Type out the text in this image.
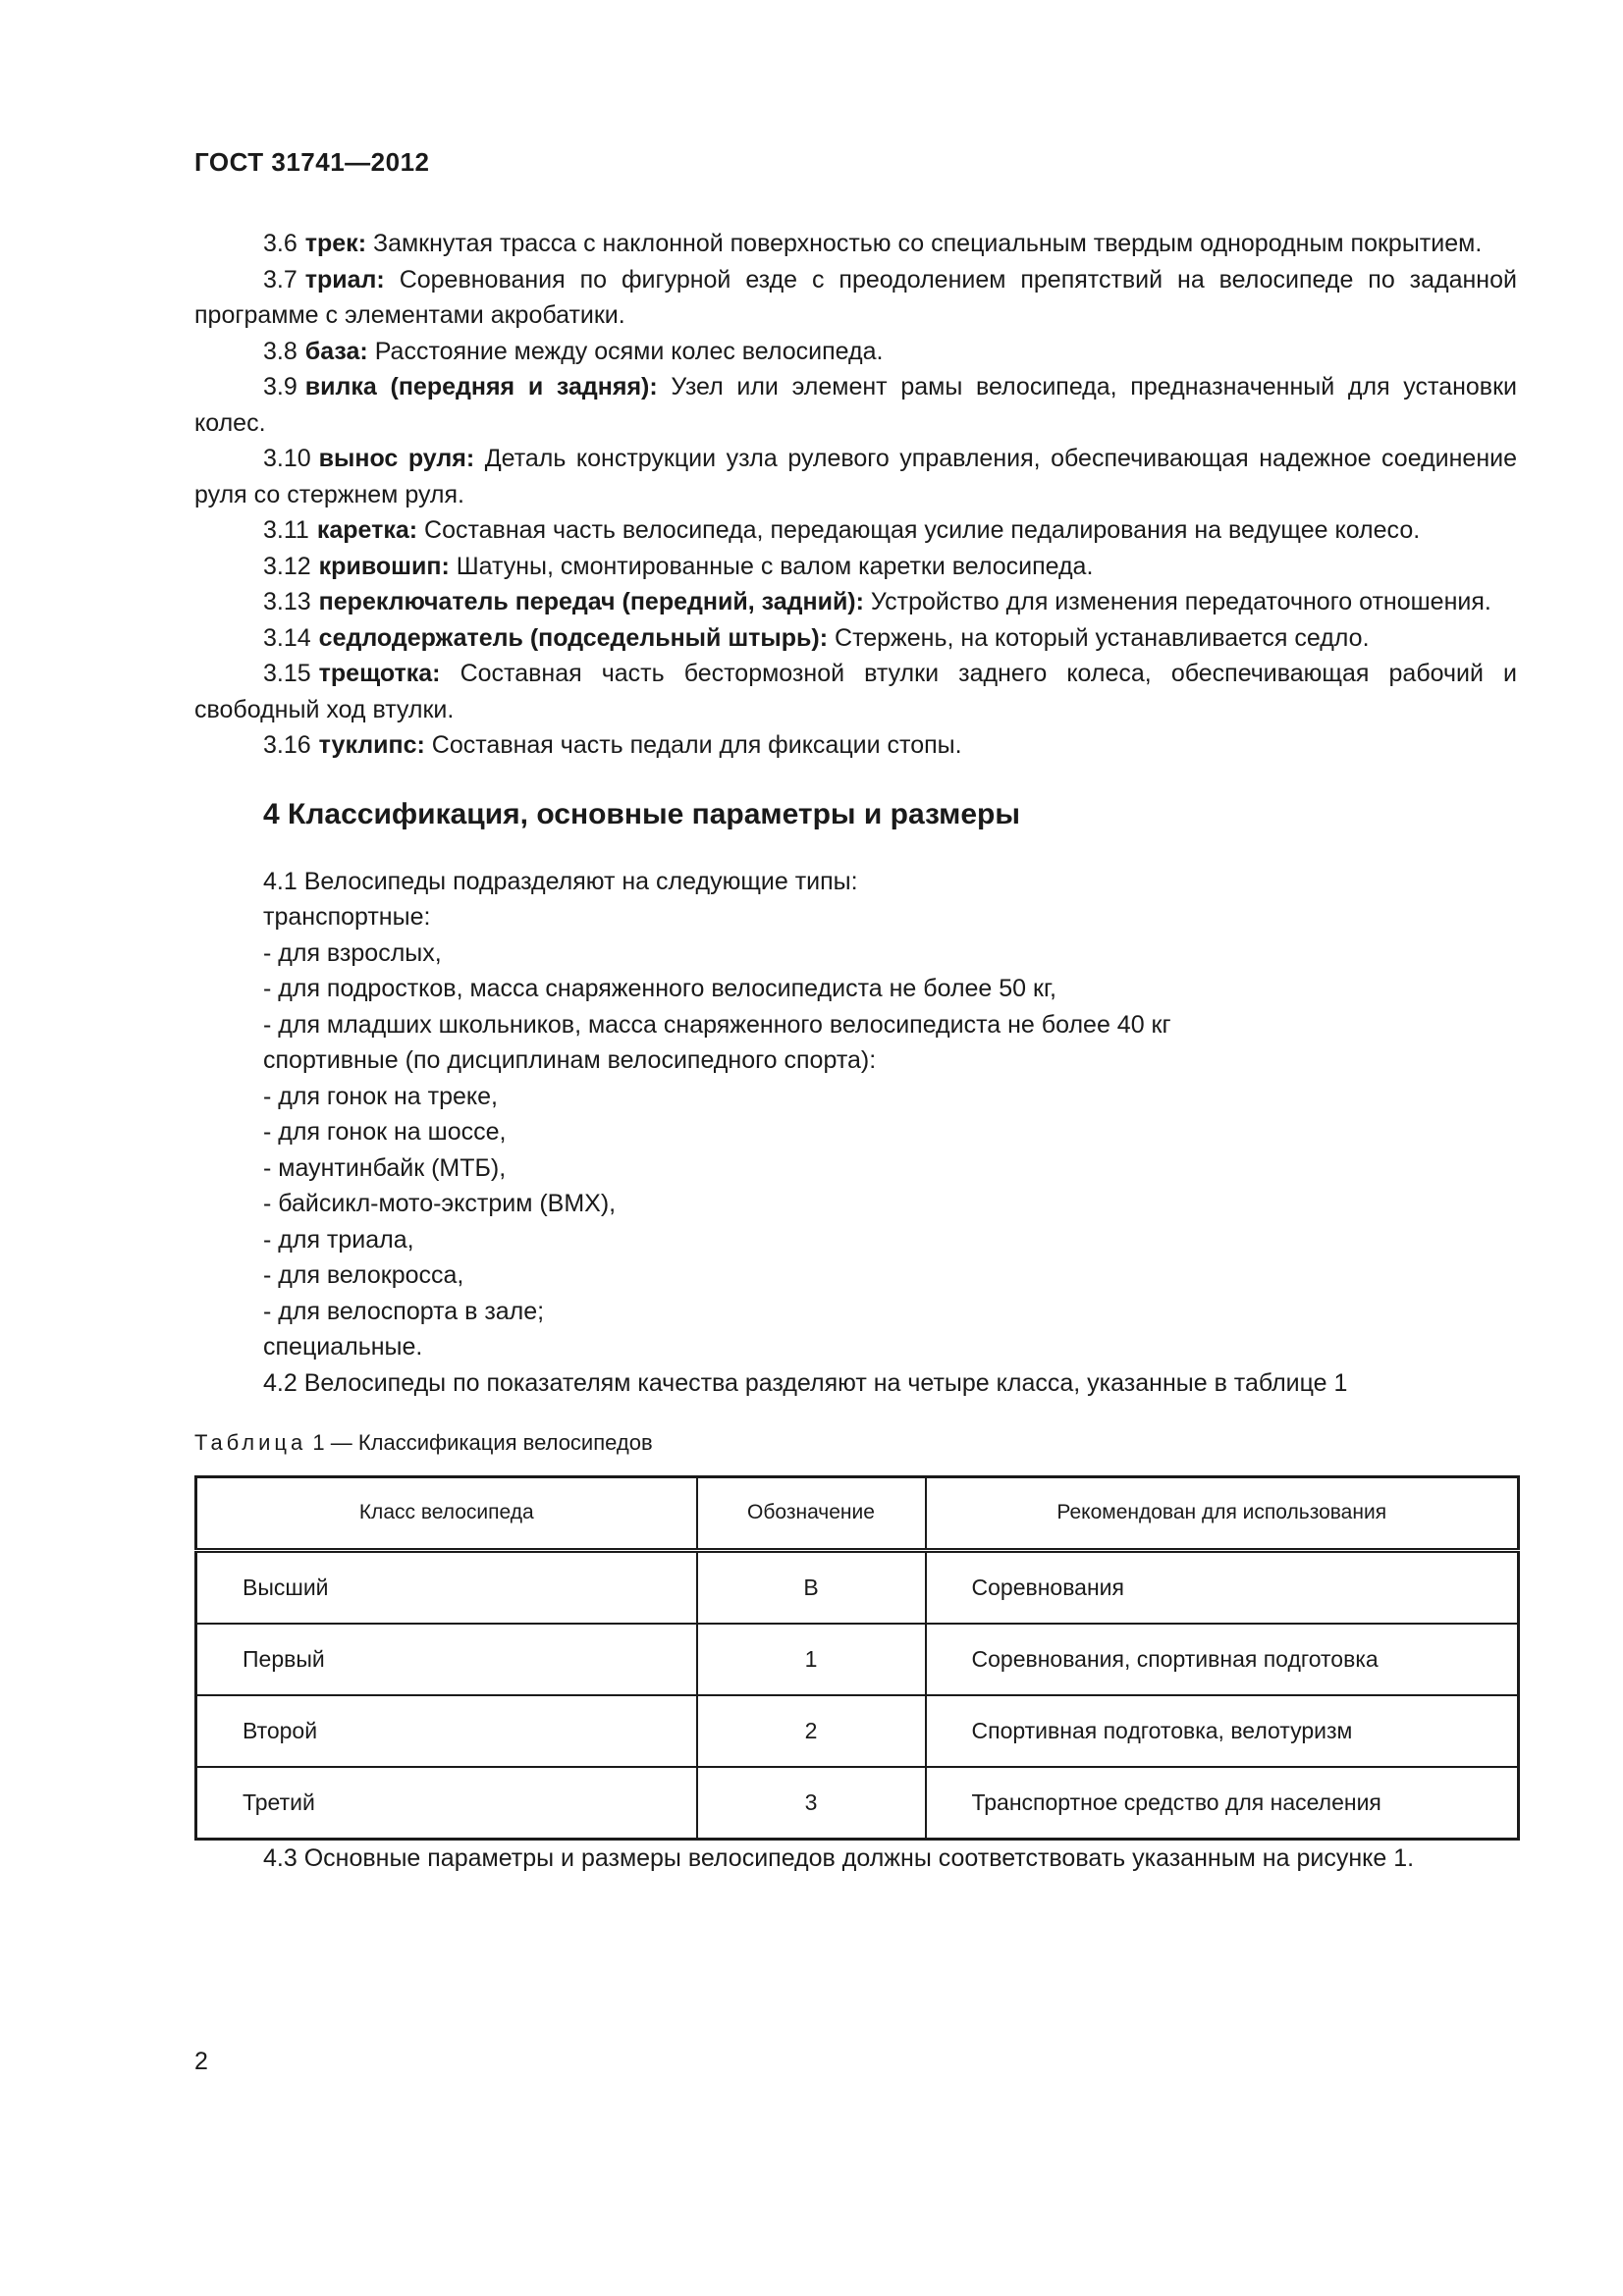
ГОСТ 31741—2012

3.6 трек: Замкнутая трасса с наклонной поверхностью со специальным твердым однородным покрытием.

3.7 триал: Соревнования по фигурной езде с преодолением препятствий на велосипеде по заданной программе с элементами акробатики.

3.8 база: Расстояние между осями колес велосипеда.

3.9 вилка (передняя и задняя): Узел или элемент рамы велосипеда, предназначенный для установки колес.

3.10 вынос руля: Деталь конструкции узла рулевого управления, обеспечивающая надежное соединение руля со стержнем руля.

3.11 каретка: Составная часть велосипеда, передающая усилие педалирования на ведущее колесо.

3.12 кривошип: Шатуны, смонтированные с валом каретки велосипеда.

3.13 переключатель передач (передний, задний): Устройство для изменения передаточного отношения.

3.14 седлодержатель (подседельный штырь): Стержень, на который устанавливается седло.

3.15 трещотка: Составная часть бестормозной втулки заднего колеса, обеспечивающая рабочий и свободный ход втулки.

3.16 туклипс: Составная часть педали для фиксации стопы.

4 Классификация, основные параметры и размеры

4.1 Велосипеды подразделяют на следующие типы:

транспортные:

- для взрослых,

- для подростков, масса снаряженного велосипедиста не более 50 кг,

- для младших школьников, масса снаряженного велосипедиста не более 40 кг

спортивные (по дисциплинам велосипедного спорта):

- для гонок на треке,

- для гонок на шоссе,

- маунтинбайк (МТБ),

- байсикл-мото-экстрим (ВМХ),

- для триала,

- для велокросса,

- для велоспорта в зале;

специальные.

4.2 Велосипеды по показателям качества разделяют на четыре класса, указанные в таблице 1

Таблица 1 — Классификация велосипедов
Класс велосипеда	Обозначение	Рекомендован для использования
Высший	В	Соревнования
Первый	1	Соревнования, спортивная подготовка
Второй	2	Спортивная подготовка, велотуризм
Третий	3	Транспортное средство для населения

4.3 Основные параметры и размеры велосипедов должны соответствовать указанным на рисунке 1.

2
